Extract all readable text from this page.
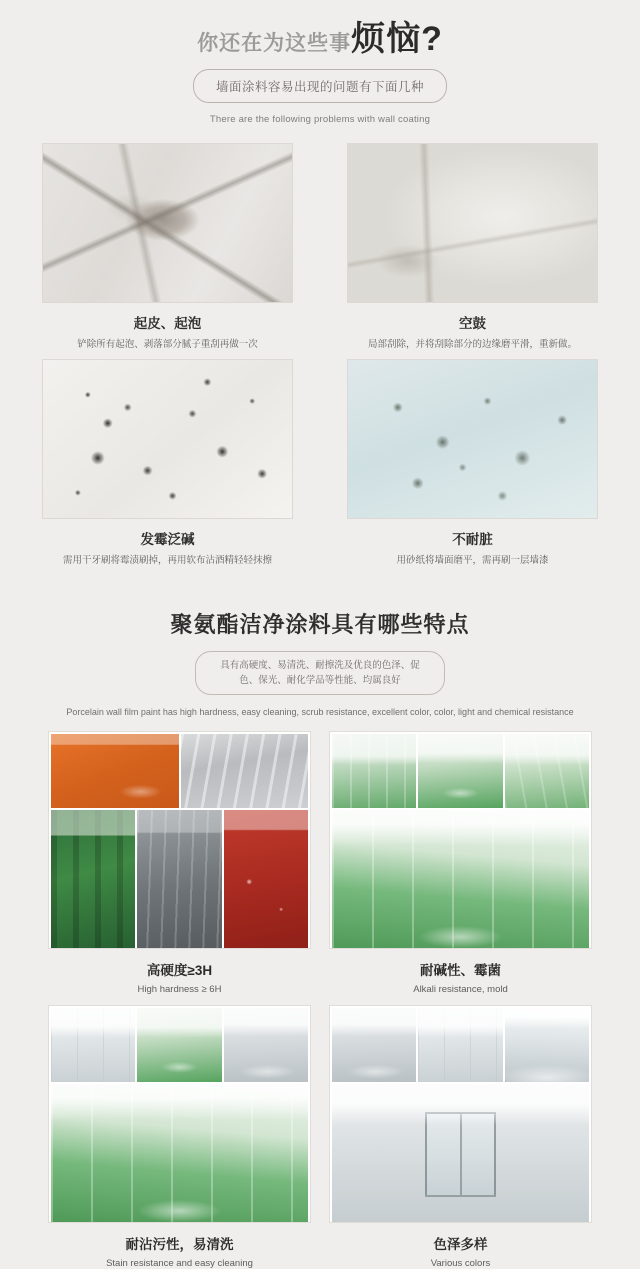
你还在为这些事烦恼?
墙面涂料容易出现的问题有下面几种
There are the following problems with wall coating
起皮、起泡
铲除所有起泡、剥落部分腻子重刮再做一次
空鼓
局部刮除，并将刮除部分的边缘磨平滑，重新做。
发霉泛碱
需用干牙刷将霉渍刷掉，再用软布沾酒精轻轻抹擦
不耐脏
用砂纸将墙面磨平，需再刷一层墙漆
聚氨酯洁净涂料具有哪些特点
具有高硬度、易清洗、耐擦洗及优良的色泽、促色、保光、耐化学品等性能、均属良好
Porcelain wall film paint has high hardness, easy cleaning, scrub resistance, excellent color, color, light and chemical resistance
高硬度≥3H
High hardness ≥ 6H
耐碱性、霉菌
Alkali resistance, mold
耐沾污性，易清洗
Stain resistance and easy cleaning
色泽多样
Various colors
